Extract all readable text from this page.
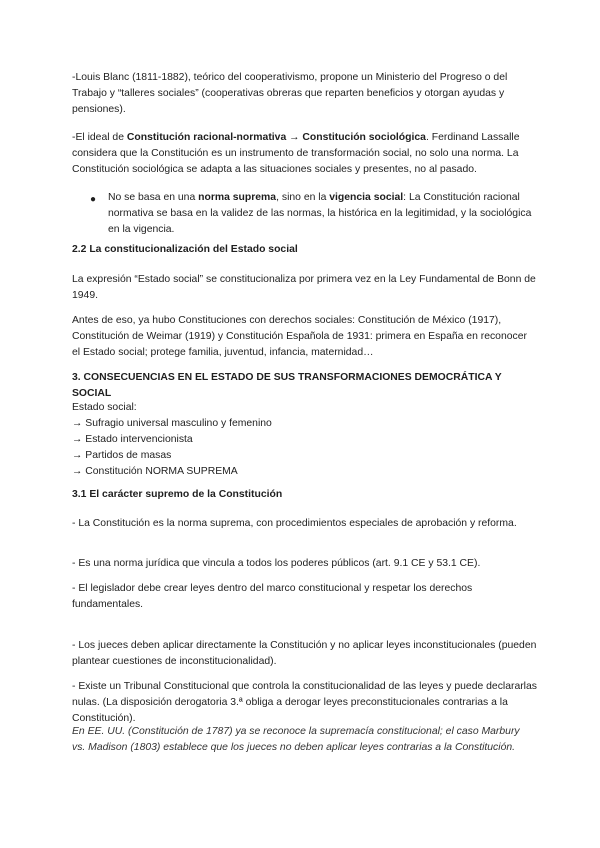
-Louis Blanc (1811-1882), teórico del cooperativismo, propone un Ministerio del Progreso o del Trabajo y “talleres sociales” (cooperativas obreras que reparten beneficios y otorgan ayudas y pensiones).

-El ideal de Constitución racional-normativa → Constitución sociológica. Ferdinand Lassalle considera que la Constitución es un instrumento de transformación social, no solo una norma. La Constitución sociológica se adapta a las situaciones sociales y presentes, no al pasado.

●	No se basa en una norma suprema, sino en la vigencia social: La Constitución racional normativa se basa en la validez de las normas, la histórica en la legitimidad, y la sociológica en la vigencia.

2.2 La constitucionalización del Estado social

La expresión “Estado social” se constitucionaliza por primera vez en la Ley Fundamental de Bonn de 1949.

Antes de eso, ya hubo Constituciones con derechos sociales: Constitución de México (1917), Constitución de Weimar (1919) y Constitución Española de 1931: primera en España en reconocer el Estado social; protege familia, juventud, infancia, maternidad…

3. CONSECUENCIAS EN EL ESTADO DE SUS TRANSFORMACIONES DEMOCRÁTICA Y SOCIAL

Estado social:
→ Sufragio universal masculino y femenino
→ Estado intervencionista
→ Partidos de masas
→ Constitución NORMA SUPREMA

3.1 El carácter supremo de la Constitución

- La Constitución es la norma suprema, con procedimientos especiales de aprobación y reforma.

- Es una norma jurídica que vincula a todos los poderes públicos (art. 9.1 CE y 53.1 CE).

- El legislador debe crear leyes dentro del marco constitucional y respetar los derechos fundamentales.

- Los jueces deben aplicar directamente la Constitución y no aplicar leyes inconstitucionales (pueden plantear cuestiones de inconstitucionalidad).

- Existe un Tribunal Constitucional que controla la constitucionalidad de las leyes y puede declararlas nulas. (La disposición derogatoria 3.ª obliga a derogar leyes preconstitucionales contrarias a la Constitución).

En EE. UU. (Constitución de 1787) ya se reconoce la supremacía constitucional; el caso Marbury vs. Madison (1803) establece que los jueces no deben aplicar leyes contrarias a la Constitución.
